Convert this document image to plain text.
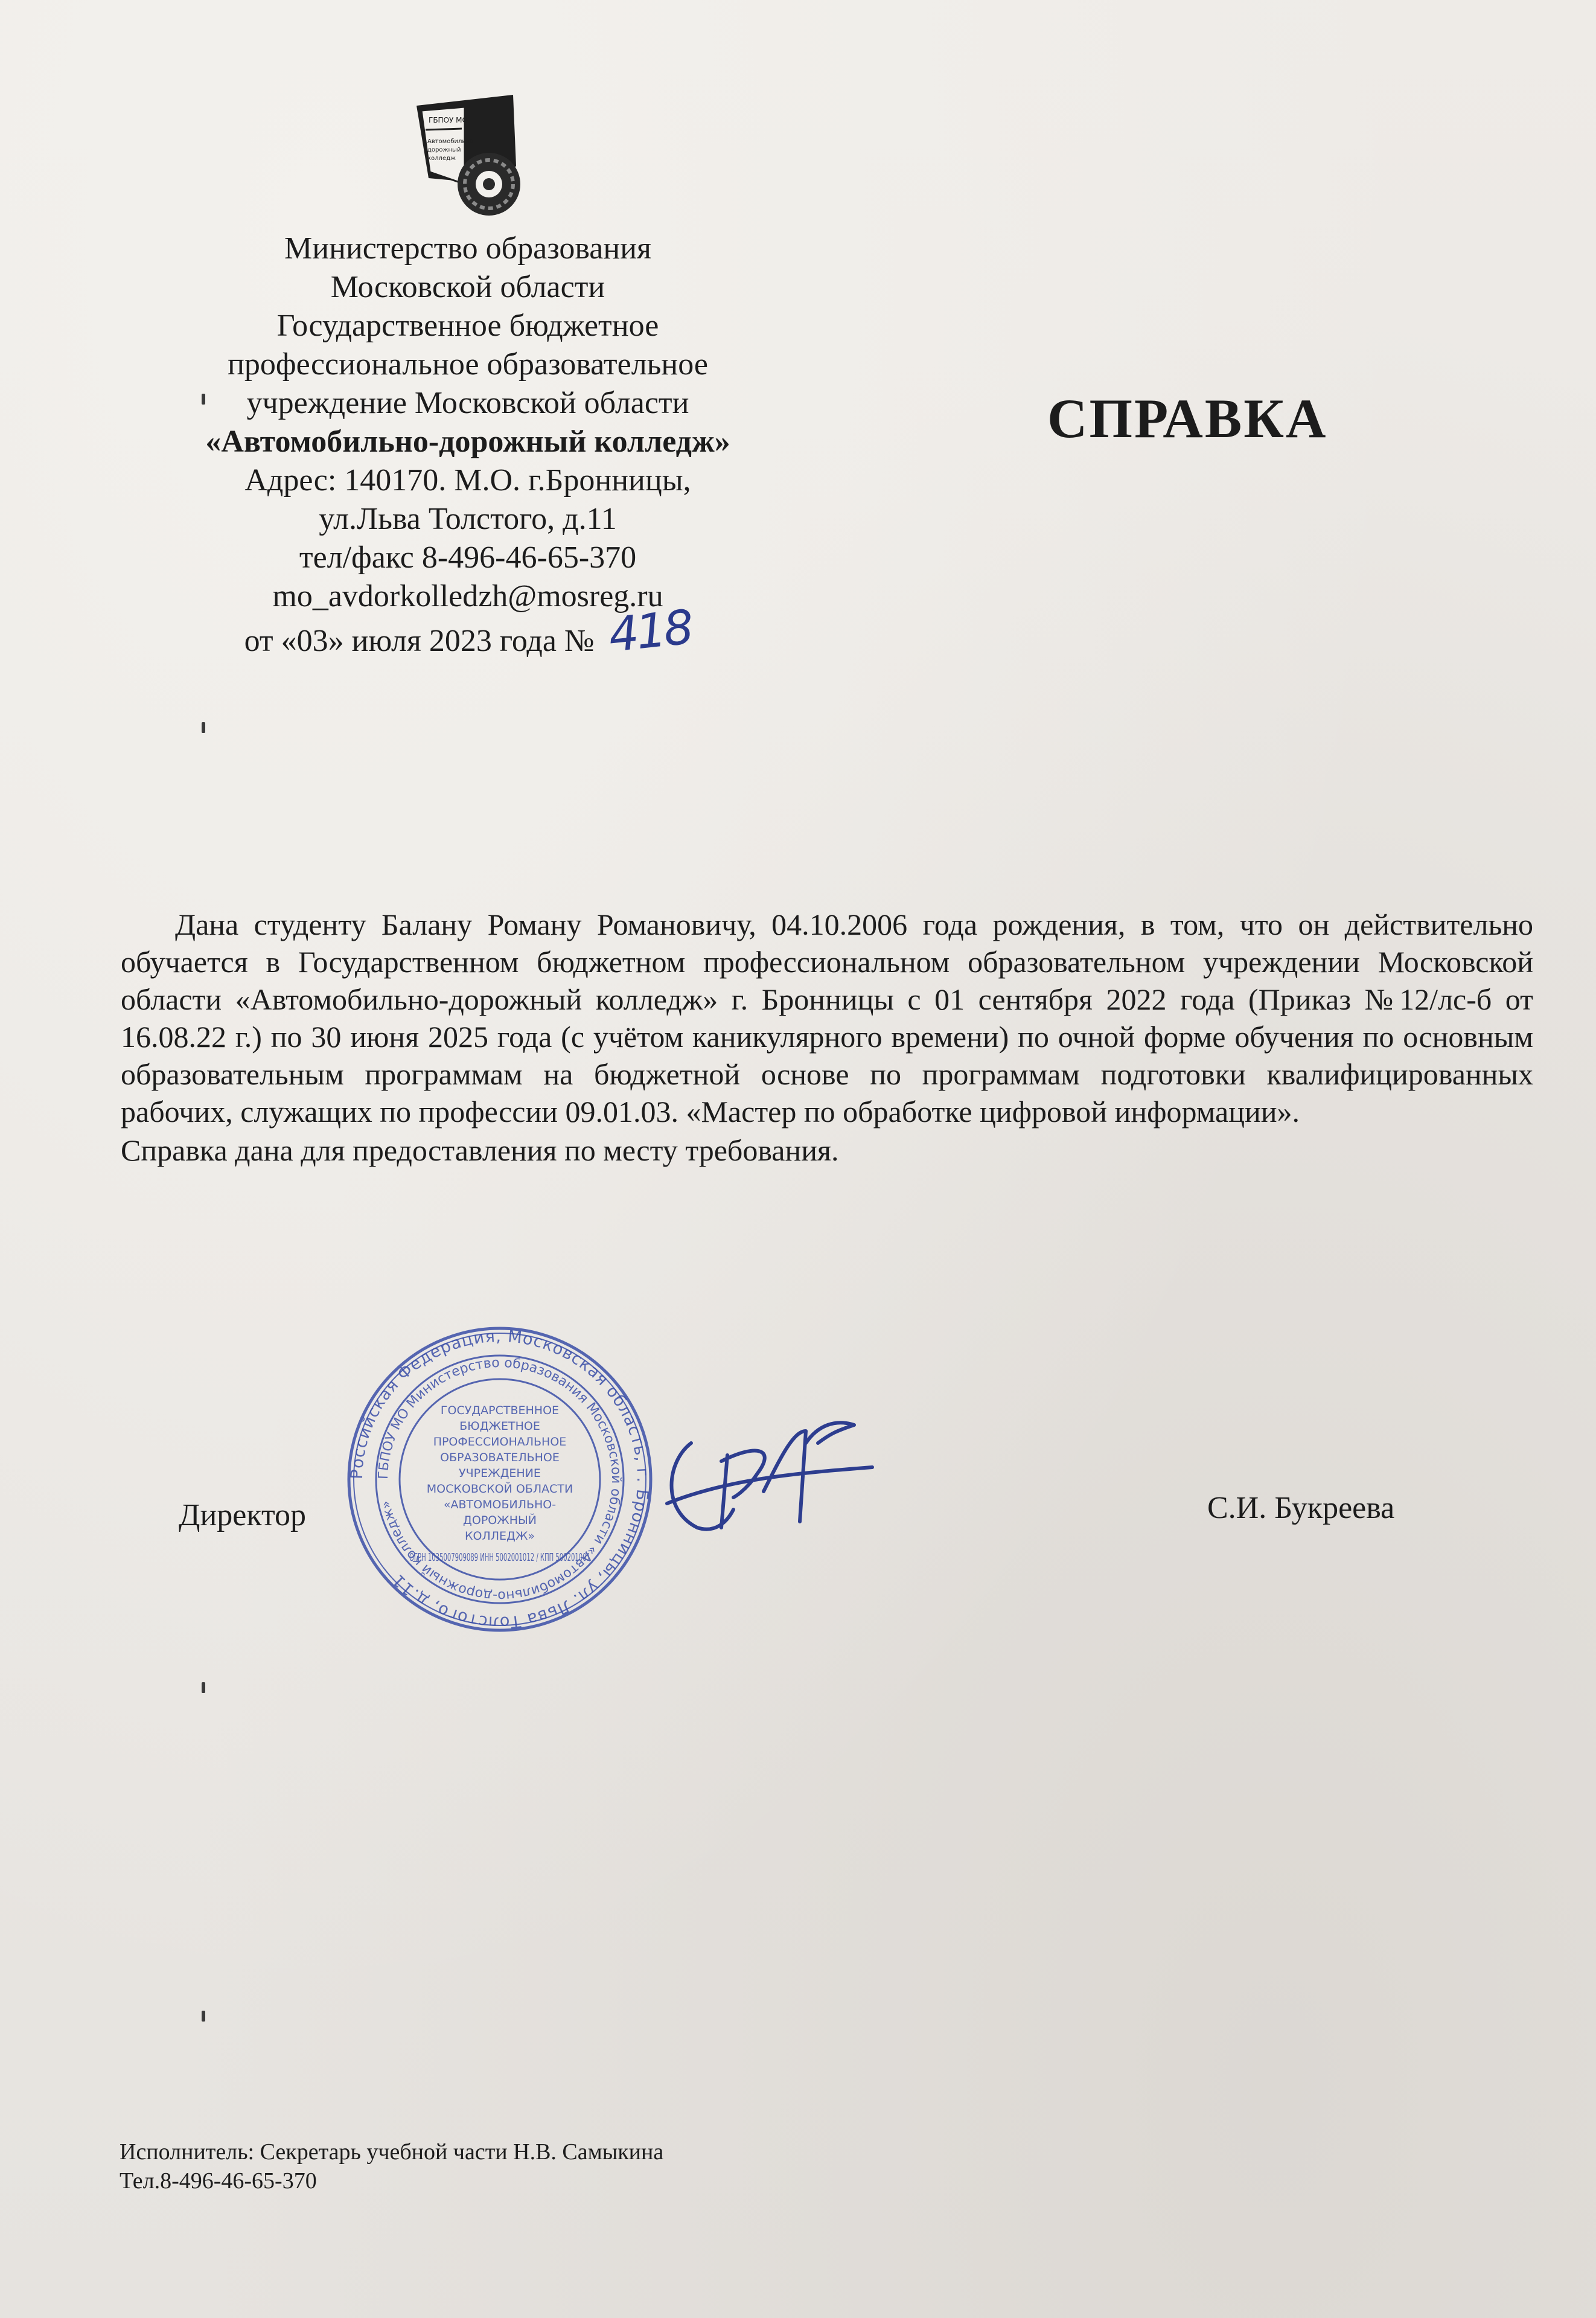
ГБПОУ МО
Автомобильно-
дорожный
колледж
Министерство образования
Московской области
Государственное бюджетное
профессиональное образовательное
учреждение Московской области
«Автомобильно-дорожный колледж»
Адрес: 140170. М.О. г.Бронницы,
ул.Льва Толстого, д.11
тел/факс 8-496-46-65-370
mo_avdorkolledzh@mosreg.ru
от «03» июля 2023 года № 418
СПРАВКА

Дана студенту Балану Роману Романовичу, 04.10.2006 года рождения, в том, что он действительно обучается в Государственном бюджетном профессиональном образовательном учреждении Московской области «Автомобильно-дорожный колледж» г. Бронницы с 01 сентября 2022 года (Приказ №12/лс-б от 16.08.22 г.) по 30 июня 2025 года (с учётом каникулярного времени) по очной форме обучения по основным образовательным программам на бюджетной основе по программам подготовки квалифицированных рабочих, служащих по профессии 09.01.03. «Мастер по обработке цифровой информации».

Справка дана для предоставления по месту требования.

Российская Федерация, Московская область, г. Бронницы, ул. Льва Толстого, д.11
ГБПОУ МО Министерство образования Московской области «Автомобильно-дорожный колледж»
ГОСУДАРСТВЕННОЕ
БЮДЖЕТНОЕ
ПРОФЕССИОНАЛЬНОЕ
ОБРАЗОВАТЕЛЬНОЕ
УЧРЕЖДЕНИЕ
МОСКОВСКОЙ ОБЛАСТИ
«АВТОМОБИЛЬНО-
ДОРОЖНЫЙ
КОЛЛЕДЖ»
ОГРН 1035007909089 ИНН 5002001012 / КПП 500201001
Директор	С.И. Букреева
Исполнитель: Секретарь учебной части Н.В. Самыкина
Тел.8-496-46-65-370
